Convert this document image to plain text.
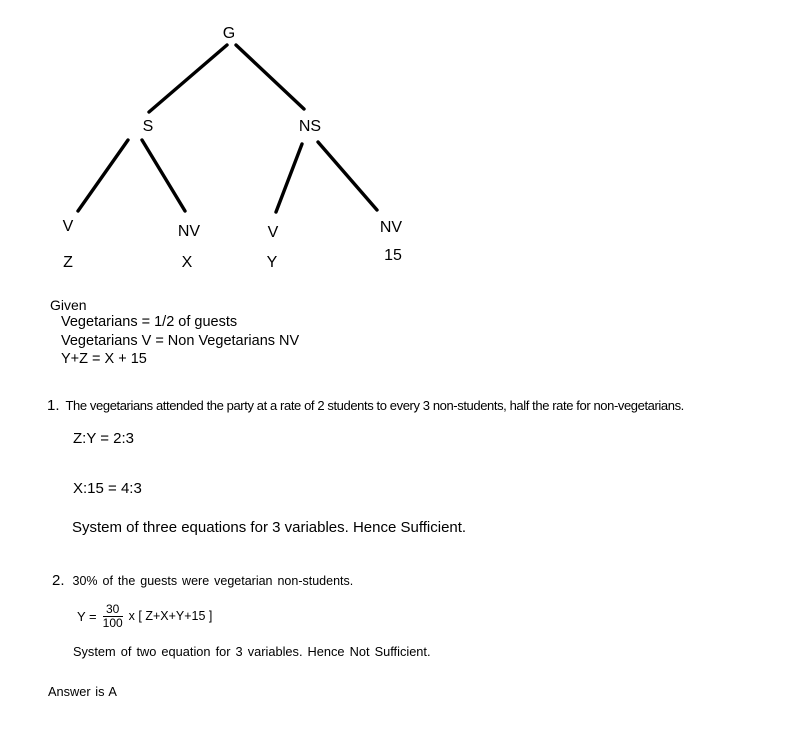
G
S	NS
V	NV	V	NV
Z	X	Y	15
Given
Vegetarians = 1/2 of guests
Vegetarians V = Non Vegetarians NV
Y+Z = X + 15
1. The vegetarians attended the party at a rate of 2 students to every 3 non-students, half the rate for non-vegetarians.
Z:Y = 2:3
X:15 = 4:3
System of three equations for 3 variables. Hence Sufficient.
2. 30% of the guests were vegetarian non-students.
$Y = \frac{30}{100}$ x [ Z+X+Y+15 ]
System of two equation for 3 variables. Hence Not Sufficient.
Answer is A
